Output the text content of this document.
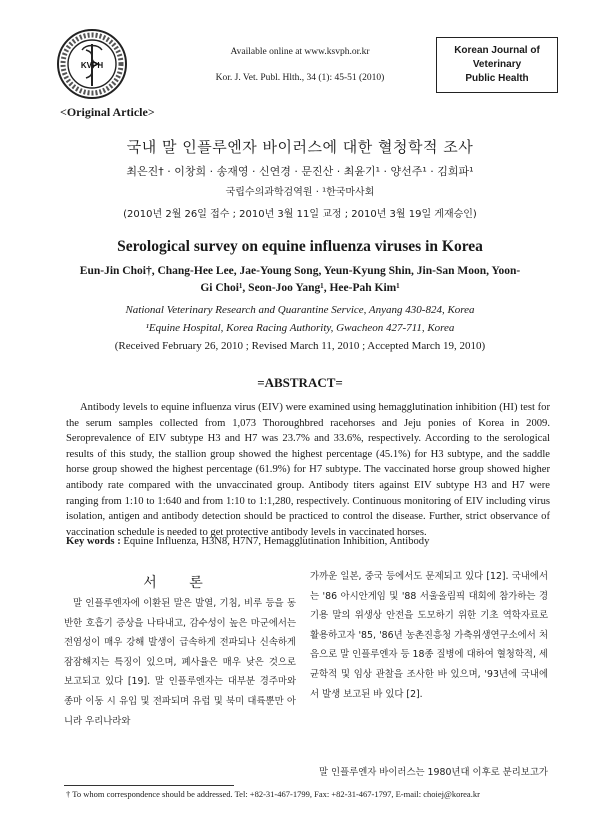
KVPH
Available online at www.ksvph.or.kr
Kor. J. Vet. Publ. Hlth., 34 (1): 45-51 (2010)
Korean Journal of
Veterinary
Public Health
<Original Article>
국내 말 인플루엔자 바이러스에 대한 혈청학적 조사
최은진† · 이창희 · 송재영 · 신연경 · 문진산 · 최윤기¹ · 양선주¹ · 김희파¹
국립수의과학검역원 · ¹한국마사회
(2010년 2월 26일 접수 ; 2010년 3월 11일 교정 ; 2010년 3월 19일 게재승인)
Serological survey on equine influenza viruses in Korea
Eun-Jin Choi†, Chang-Hee Lee, Jae-Young Song, Yeun-Kyung Shin, Jin-San Moon, Yoon-Gi Choi¹, Seon-Joo Yang¹, Hee-Pah Kim¹
National Veterinary Research and Quarantine Service, Anyang 430-824, Korea
¹Equine Hospital, Korea Racing Authority, Gwacheon 427-711, Korea
(Received February 26, 2010 ; Revised March 11, 2010 ; Accepted March 19, 2010)
=ABSTRACT=
Antibody levels to equine influenza virus (EIV) were examined using hemagglutination inhibition (HI) test for the serum samples collected from 1,073 Thoroughbred racehorses and Jeju ponies of Korea in 2009. Seroprevalence of EIV subtype H3 and H7 was 23.7% and 33.6%, respectively. According to the serological results of this study, the stallion group showed the highest percentage (45.1%) for H3 subtype, and the saddle horse group showed the highest percentage (61.9%) for H7 subtype. The vaccinated horse group showed higher antibody rate compared with the unvaccinated group. Antibody titers against EIV subtype H3 and H7 were ranging from 1:10 to 1:640 and from 1:10 to 1:1,280, respectively. Continuous monitoring of EIV including virus isolation, antigen and antibody detection should be practiced to control the disease. Further, strict observance of vaccination schedule is needed to get protective antibody levels in vaccinated horses.
Key words : Equine Influenza, H3N8, H7N7, Hemagglutination Inhibition, Antibody
서 론
말 인플루엔자에 이환된 말은 발열, 기침, 비루 등을 동반한 호흡기 증상을 나타내고, 감수성이 높은 마군에서는 전염성이 매우 강해 발생이 급속하게 전파되나 신속하게 잠잠해지는 특징이 있으며, 폐사율은 매우 낮은 것으로 보고되고 있다 [19]. 말 인플루엔자는 대부분 경주마와 종마 이동 시 유입 및 전파되며 유럽 및 북미 대륙뿐만 아니라 우리나라와
가까운 일본, 중국 등에서도 문제되고 있다 [12]. 국내에서는 '86 아시안게임 및 '88 서울올림픽 대회에 참가하는 경기용 말의 위생상 안전을 도모하기 위한 기초 역학자료로 활용하고자 '85, '86년 농촌진흥청 가축위생연구소에서 처음으로 말 인플루엔자 등 18종 질병에 대하여 혈청학적, 세균학적 및 임상 관찰을 조사한 바 있으며, '93년에 국내에서 발생 보고된 바 있다 [2].
말 인플루엔자 바이러스는 1980년대 이후로 분리보고가
† To whom correspondence should be addressed. Tel: +82-31-467-1799, Fax: +82-31-467-1797, E-mail: choiej@korea.kr
